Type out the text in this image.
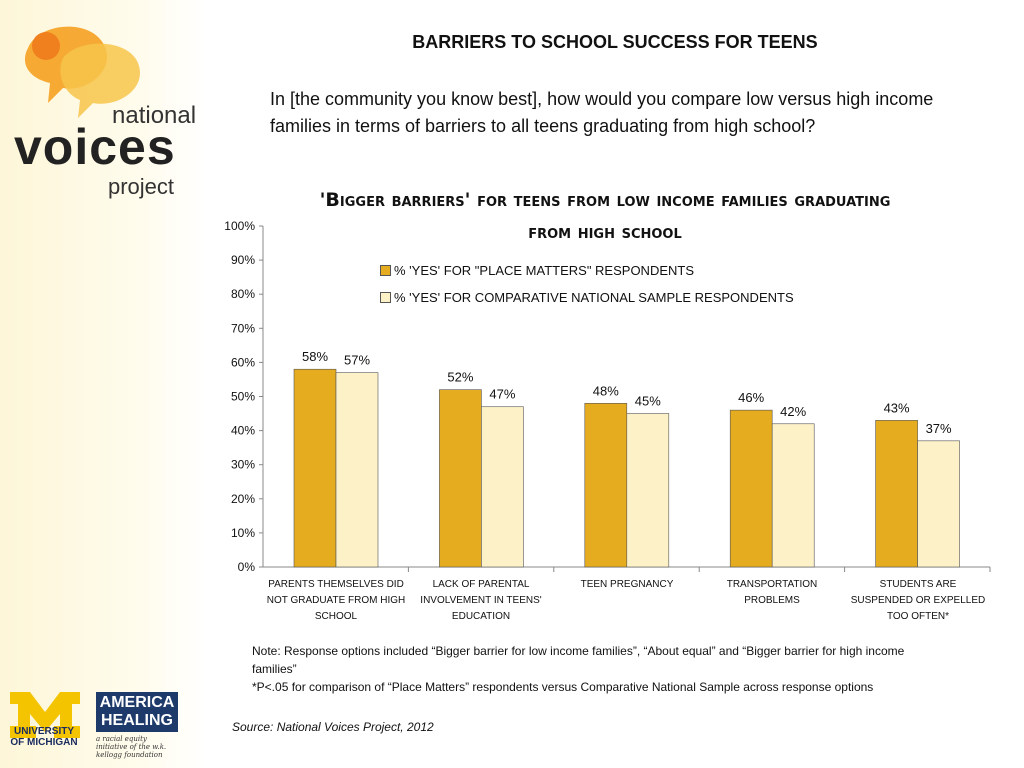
national
voices
project
UNIVERSITY OF MICHIGAN
AMERICA HEALING
a racial equity initiative of the w.k. kellogg foundation
BARRIERS TO SCHOOL SUCCESS FOR TEENS
In [the community you know best], how would you compare low versus high income families in terms of barriers to all teens graduating from high school?
'Bigger barriers' for teens from low income families graduating from high school
0%
10%
20%
30%
40%
50%
60%
70%
80%
90%
100%
58%
52%
48%	46%
43%
57%
47%	45%
42%
37%
% 'YES' FOR "PLACE MATTERS" RESPONDENTS
% 'YES' FOR COMPARATIVE NATIONAL SAMPLE RESPONDENTS
PARENTS THEMSELVES DID NOT GRADUATE FROM HIGH SCHOOL
LACK OF PARENTAL INVOLVEMENT IN TEENS' EDUCATION
TEEN PREGNANCY	TRANSPORTATION PROBLEMS
STUDENTS ARE SUSPENDED OR EXPELLED TOO OFTEN*
Note: Response options included “Bigger barrier for low income families”, “About equal” and “Bigger barrier for high income families”
*P<.05 for comparison of “Place Matters” respondents versus Comparative National Sample across response options
Source: National Voices Project, 2012
